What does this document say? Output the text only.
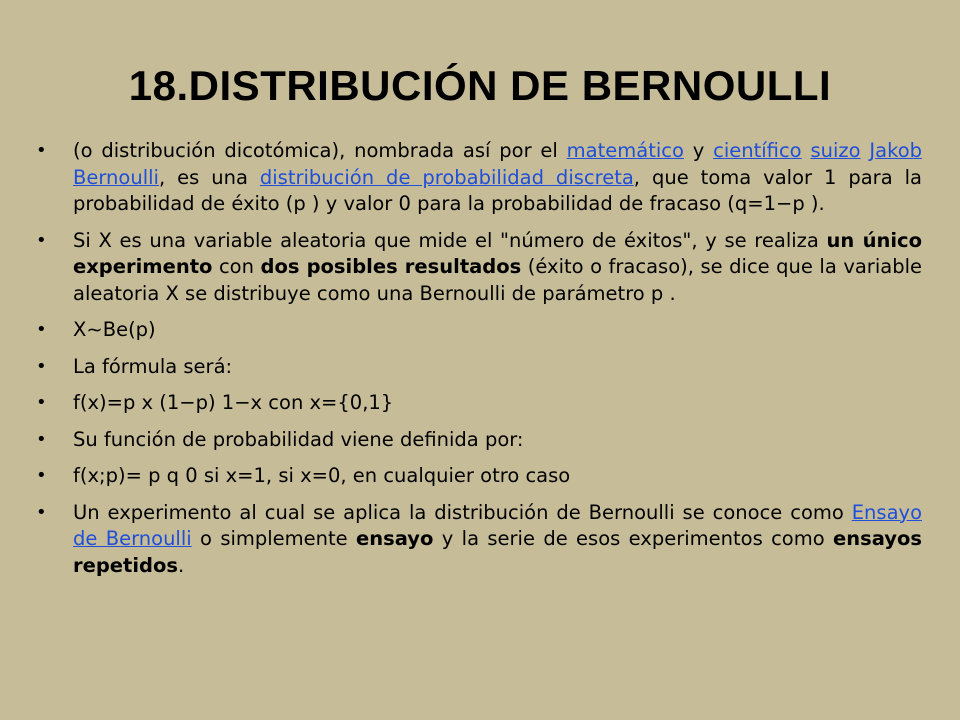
18.DISTRIBUCIÓN DE BERNOULLI
• (o distribución dicotómica), nombrada así por el matemático y científico suizo Jakob Bernoulli, es una distribución de probabilidad discreta, que toma valor 1 para la probabilidad de éxito (p ) y valor 0 para la probabilidad de fracaso (q=1−p ).
• Si X es una variable aleatoria que mide el "número de éxitos", y se realiza un único experimento con dos posibles resultados (éxito o fracaso), se dice que la variable aleatoria X se distribuye como una Bernoulli de parámetro p .
• X∼Be(p)
• La fórmula será:
• f(x)=p x (1−p) 1−x con x={0,1}
• Su función de probabilidad viene definida por:
• f(x;p)= p q 0 si x=1, si x=0, en cualquier otro caso
• Un experimento al cual se aplica la distribución de Bernoulli se conoce como Ensayo de Bernoulli o simplemente ensayo y la serie de esos experimentos como ensayos repetidos.
